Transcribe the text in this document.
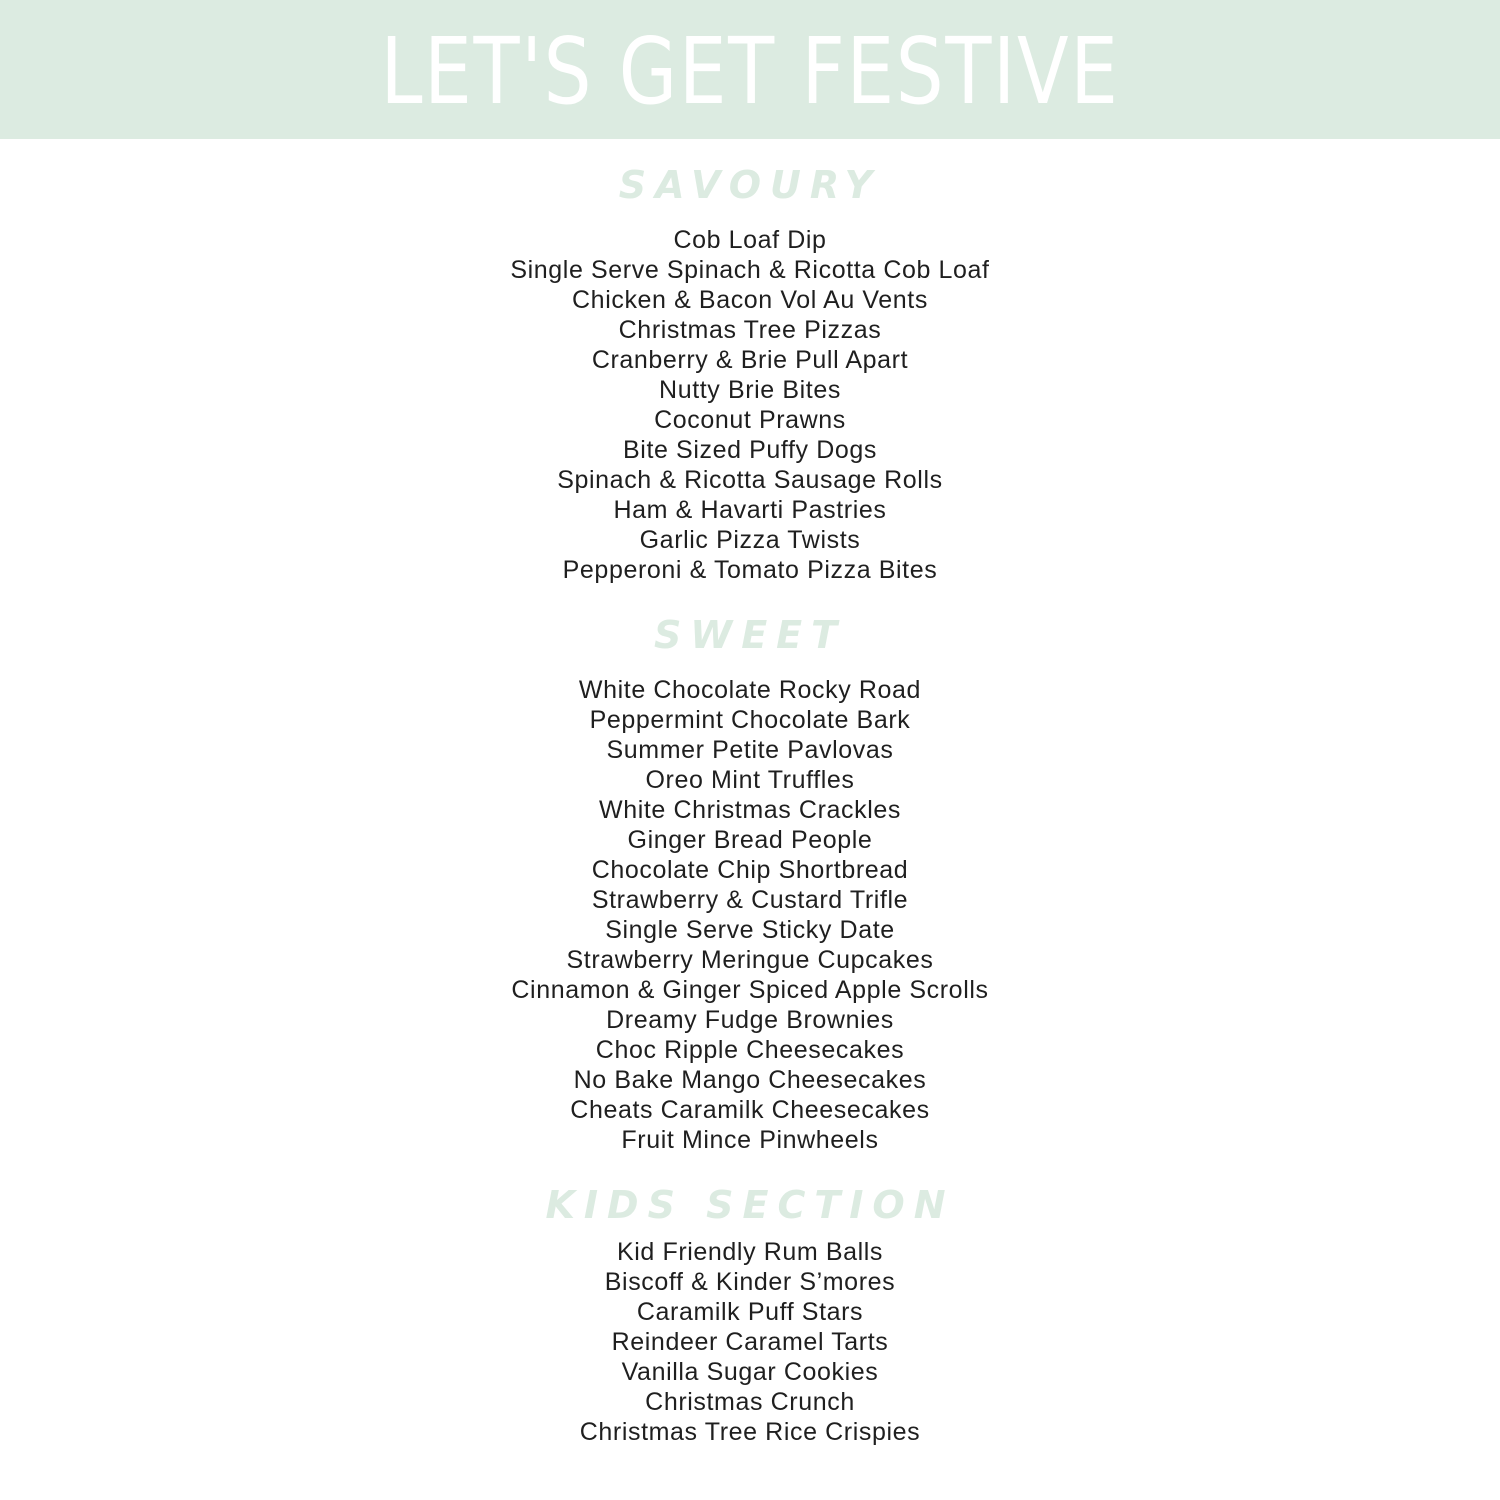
LET'S GET FESTIVE
SAVOURY
Cob Loaf Dip
Single Serve Spinach & Ricotta Cob Loaf
Chicken & Bacon Vol Au Vents
Christmas Tree Pizzas
Cranberry & Brie Pull Apart
Nutty Brie Bites
Coconut Prawns
Bite Sized Puffy Dogs
Spinach & Ricotta Sausage Rolls
Ham & Havarti Pastries
Garlic Pizza Twists
Pepperoni & Tomato Pizza Bites
SWEET
White Chocolate Rocky Road
Peppermint Chocolate Bark
Summer Petite Pavlovas
Oreo Mint Truffles
White Christmas Crackles
Ginger Bread People
Chocolate Chip Shortbread
Strawberry & Custard Trifle
Single Serve Sticky Date
Strawberry Meringue Cupcakes
Cinnamon & Ginger Spiced Apple Scrolls
Dreamy Fudge Brownies
Choc Ripple Cheesecakes
No Bake Mango Cheesecakes
Cheats Caramilk Cheesecakes
Fruit Mince Pinwheels
KIDS SECTION
Kid Friendly Rum Balls
Biscoff & Kinder S’mores
Caramilk Puff Stars
Reindeer Caramel Tarts
Vanilla Sugar Cookies
Christmas Crunch
Christmas Tree Rice Crispies
